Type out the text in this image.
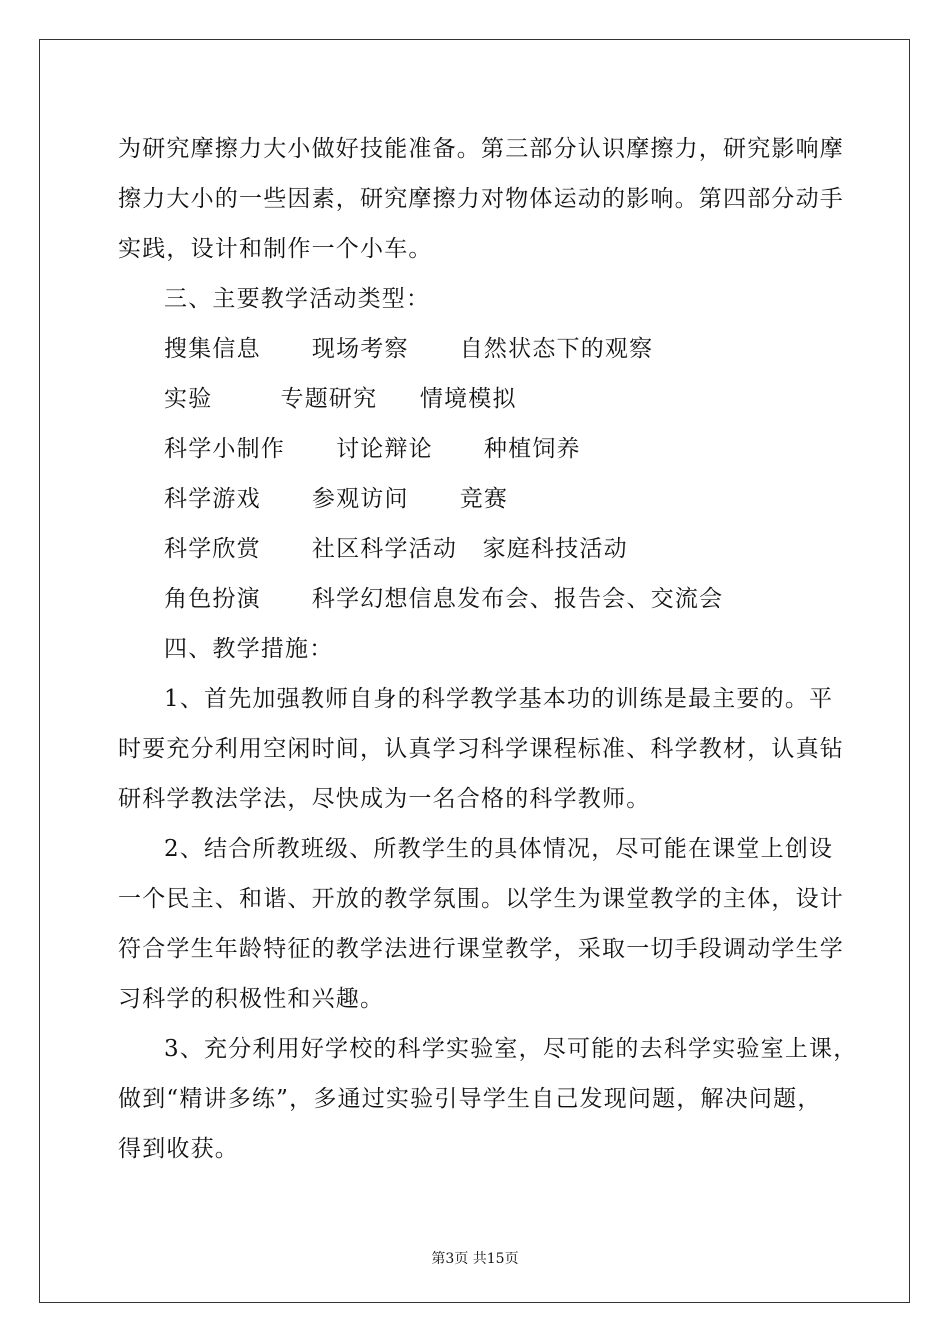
为研究摩擦力大小做好技能准备。第三部分认识摩擦力，研究影响摩
擦力大小的一些因素，研究摩擦力对物体运动的影响。第四部分动手
实践，设计和制作一个小车。
三、主要教学活动类型：
搜集信息      现场考察      自然状态下的观察
实验        专题研究     情境模拟
科学小制作      讨论辩论      种植饲养
科学游戏      参观访问      竞赛
科学欣赏      社区科学活动   家庭科技活动
角色扮演      科学幻想信息发布会、报告会、交流会
四、教学措施：
1、首先加强教师自身的科学教学基本功的训练是最主要的。平
时要充分利用空闲时间，认真学习科学课程标准、科学教材，认真钻
研科学教法学法，尽快成为一名合格的科学教师。
2、结合所教班级、所教学生的具体情况，尽可能在课堂上创设
一个民主、和谐、开放的教学氛围。以学生为课堂教学的主体，设计
符合学生年龄特征的教学法进行课堂教学，采取一切手段调动学生学
习科学的积极性和兴趣。
3、充分利用好学校的科学实验室，尽可能的去科学实验室上课，
做到“精讲多练”，多通过实验引导学生自己发现问题，解决问题，
得到收获。
第3页 共15页
